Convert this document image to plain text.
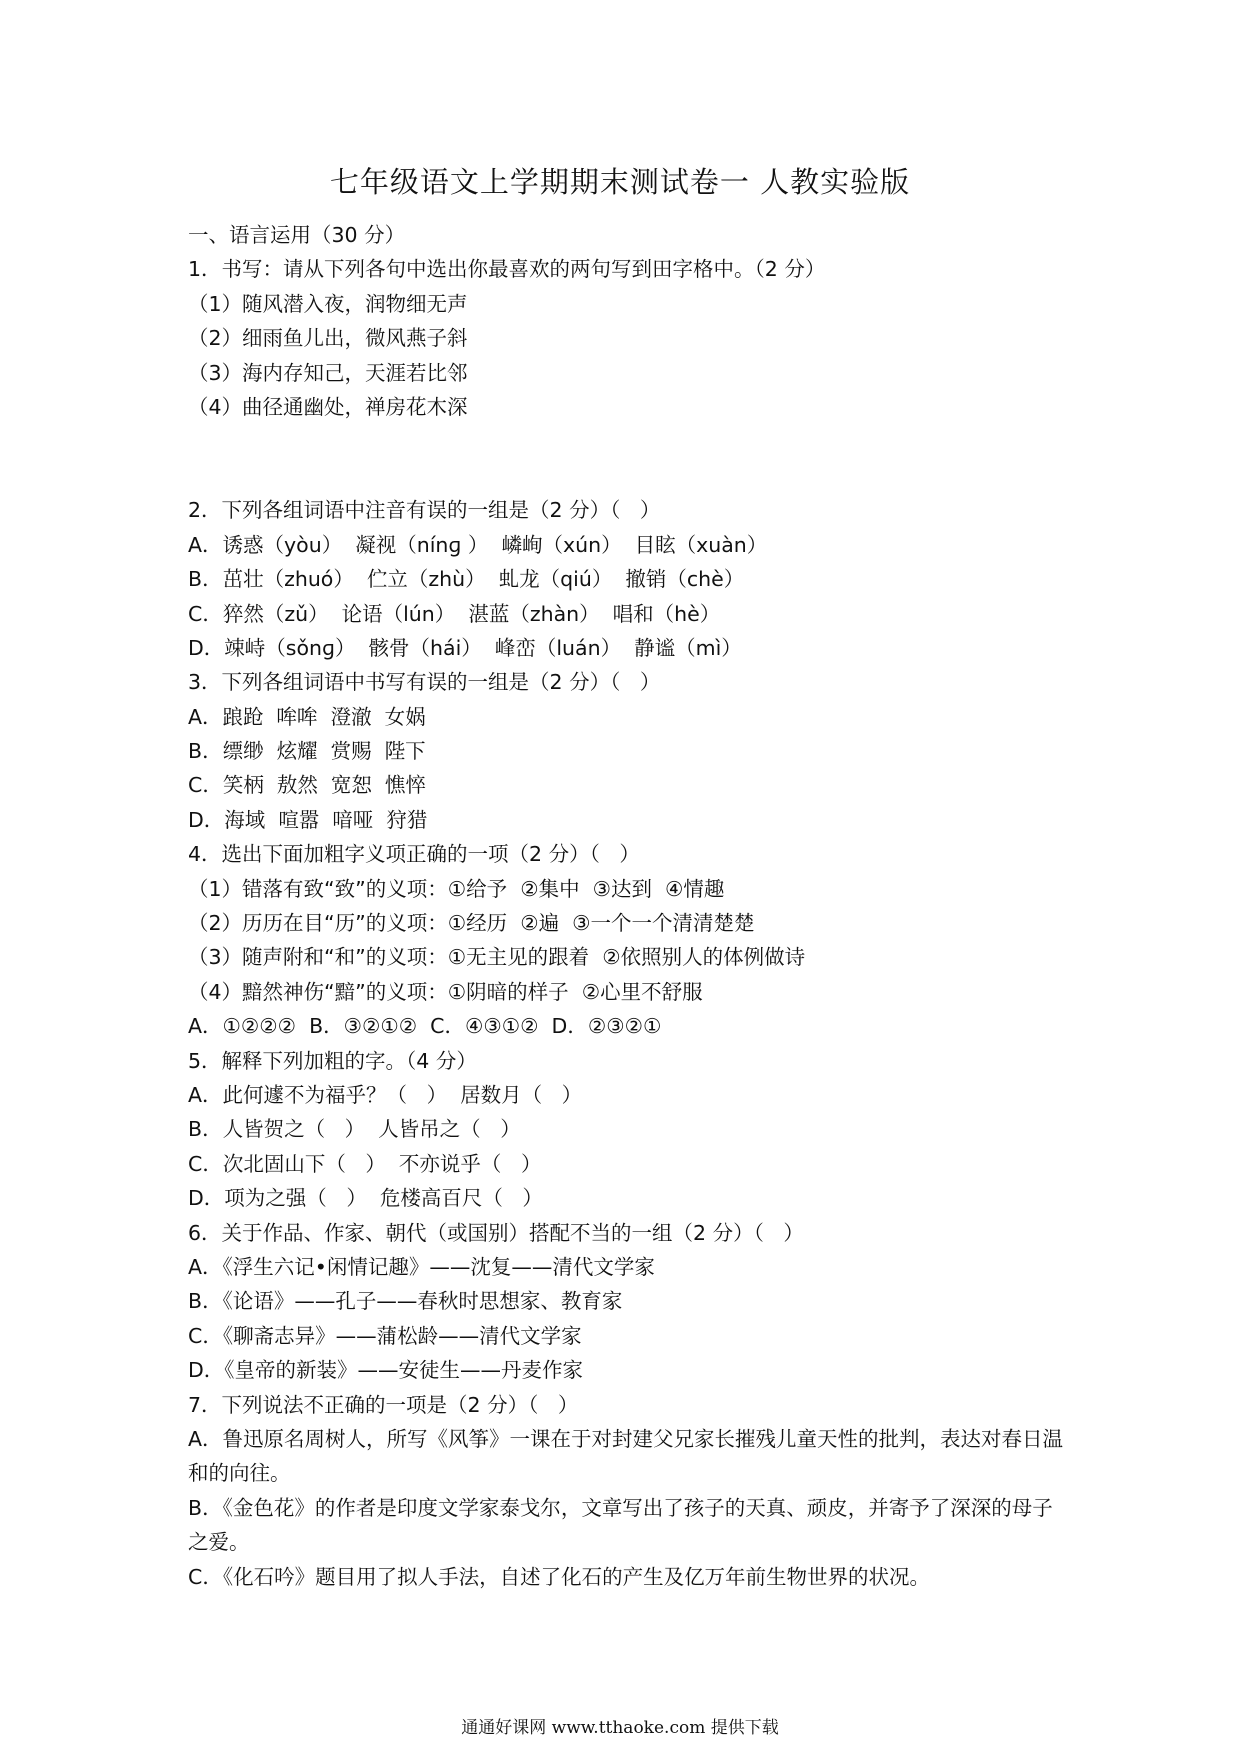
七年级语文上学期期末测试卷一 人教实验版
一、语言运用（30 分）
1．书写：请从下列各句中选出你最喜欢的两句写到田字格中。（2 分）
（1）随风潜入夜，润物细无声
（2）细雨鱼儿出，微风燕子斜
（3）海内存知己，天涯若比邻
（4）曲径通幽处，禅房花木深
2．下列各组词语中注音有误的一组是（2 分）（   ）
A．诱惑（yòu）  凝视（nínɡ ）  嶙峋（xún）  目眩（xuàn）
B．茁壮（zhuó）  伫立（zhù）  虬龙（qiú）  撤销（chè）
C．猝然（zǔ）  论语（lún）  湛蓝（zhàn）  唱和（hè）
D．竦峙（sǒnɡ）  骸骨（hái）  峰峦（luán）  静谧（mì）
3．下列各组词语中书写有误的一组是（2 分）（   ）
A．踉跄  哞哞  澄澈  女娲
B．缥缈  炫耀  赏赐  陛下
C．笑柄  敖然  宽恕  憔悴
D．海域  喧嚣  喑哑  狩猎
4．选出下面加粗字义项正确的一项（2 分）（   ）
（1）错落有致“致”的义项：①给予  ②集中  ③达到  ④情趣
（2）历历在目“历”的义项：①经历  ②遍  ③一个一个清清楚楚
（3）随声附和“和”的义项：①无主见的跟着  ②依照别人的体例做诗
（4）黯然神伤“黯”的义项：①阴暗的样子  ②心里不舒服
A．①②②②  B．③②①②  C．④③①②  D．②③②①
5．解释下列加粗的字。（4 分）
A．此何遽不为福乎？（   ）  居数月（   ）
B．人皆贺之（   ）  人皆吊之（   ）
C．次北固山下（   ）  不亦说乎（   ）
D．项为之强（   ）  危楼高百尺（   ）
6．关于作品、作家、朝代（或国别）搭配不当的一组（2 分）（   ）
A．《浮生六记•闲情记趣》——沈复——清代文学家
B．《论语》——孔子——春秋时思想家、教育家
C．《聊斋志异》——蒲松龄——清代文学家
D．《皇帝的新装》——安徒生——丹麦作家
7．下列说法不正确的一项是（2 分）（   ）
A．鲁迅原名周树人，所写《风筝》一课在于对封建父兄家长摧残儿童天性的批判，表达对春日温和的向往。
B．《金色花》的作者是印度文学家泰戈尔，文章写出了孩子的天真、顽皮，并寄予了深深的母子之爱。
C．《化石吟》题目用了拟人手法，自述了化石的产生及亿万年前生物世界的状况。
通通好课网 www.tthaoke.com 提供下载
